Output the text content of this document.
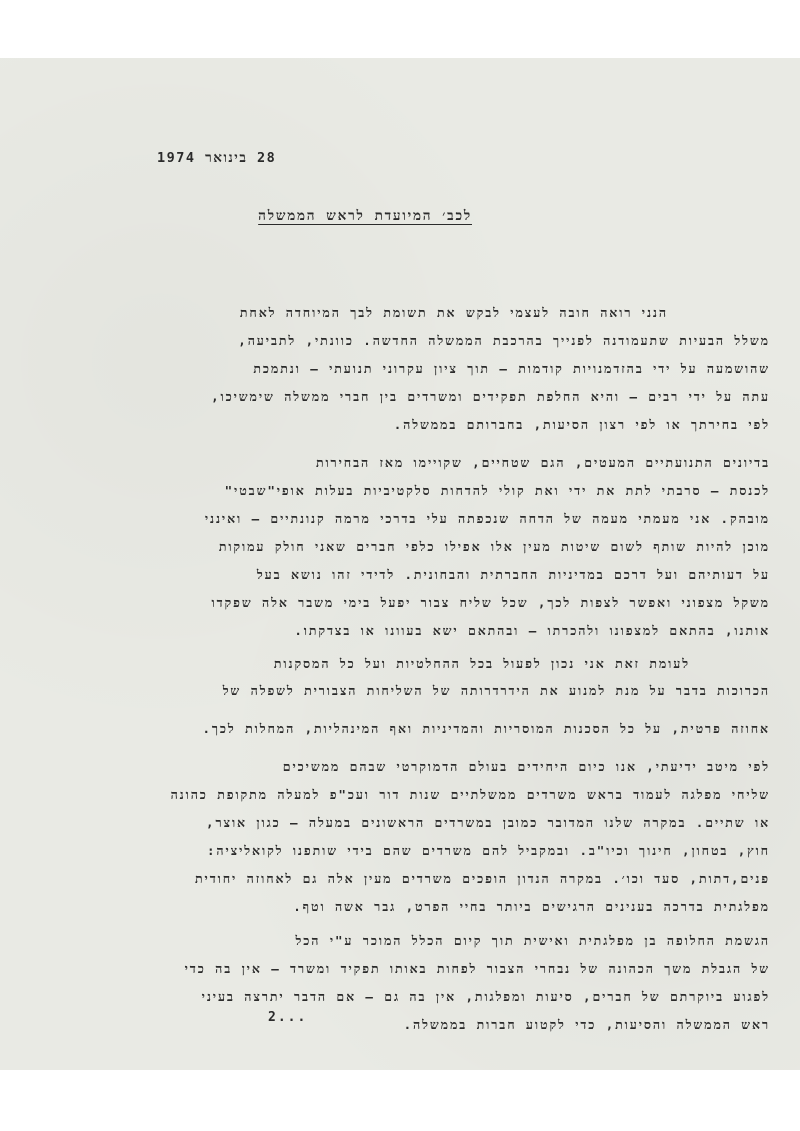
28 בינואר 1974
לכב׳ המיועדת לראש הממשלה
הנני רואה חובה לעצמי לבקש את תשומת לבך המיוחדה לאחת
משלל הבעיות שתעמודנה לפנייך בהרכבת הממשלה החדשה. כוונתי, לתביעה,
שהושמעה על ידי בהזדמנויות קודמות – תוך ציון עקרוני תנועתי – ונתמכת
עתה על ידי רבים – והיא החלפת תפקידים ומשרדים בין חברי ממשלה שימשיכו,
לפי בחירתך או לפי רצון הסיעות, בחברותם בממשלה.
בדיונים התנועתיים המעטים, הגם שטחיים, שקויימו מאז הבחירות
לכנסת – סרבתי לתת את ידי ואת קולי להדחות סלקטיביות בעלות אופי"שבטי"
מובהק. אני מעמתי מעמה של הדחה שנכפתה עלי בדרכי מרמה קנונתיים – ואינני
מוכן להיות שותף לשום שיטות מעין אלו אפילו כלפי חברים שאני חולק עמוקות
על דעותיהם ועל דרכם במדיניות החברתית והבחונית. לדידי זהו נושא בעל
משקל מצפוני ואפשר לצפות לכך, שכל שליח צבור יפעל בימי משבר אלה שפקדו
אותנו, בהתאם למצפונו ולהכרתו – ובהתאם ישא בעוונו או בצדקתו.
לעומת זאת אני נכון לפעול בכל ההחלטיות ועל כל המסקנות
הכרוכות בדבר על מנת למנוע את הידרדרותה של השליחות הצבורית לשפלה של
אחוזה פרטית, על כל הסכנות המוסריות והמדיניות ואף המינהליות, המחלות לכך.
לפי מיטב ידיעתי, אנו כיום היחידים בעולם הדמוקרטי שבהם ממשיכים
שליחי מפלגה לעמוד בראש משרדים ממשלתיים שנות דור ועכ"פ למעלה מתקופת כהונה
או שתיים. במקרה שלנו המדובר כמובן במשרדים הראשונים במעלה – כגון אוצר,
חוץ, בטחון, חינוך וכיו"ב. ובמקביל להם משרדים שהם בידי שותפנו לקואליציה:
פנים,דתות, סעד וכו׳. במקרה הנדון הופכים משרדים מעין אלה גם לאחוזה יחודית
מפלגתית בדרכה בענינים הרגישים ביותר בחיי הפרט, גבר אשה וטף.
הגשמת החלופה בן מפלגתית ואישית תוך קיום הכלל המוכר ע"י הכל
של הגבלת משך הכהונה של נבחרי הצבור לפחות באותו תפקיד ומשרד – אין בה כדי
לפגוע ביוקרתם של חברים, סיעות ומפלגות, אין בה גם – אם הדבר יתרצה בעיני
ראש הממשלה והסיעות, כדי לקטוע חברות בממשלה.
2...
